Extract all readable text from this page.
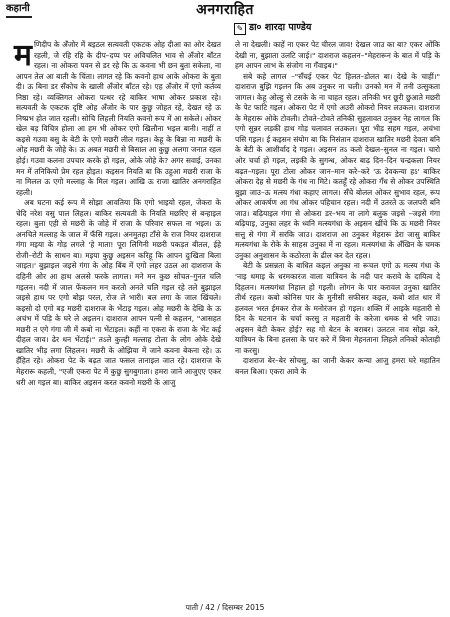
कहानी	अनगराहित
✎ डा० शारदा पाण्डेय

मणिदीप के अँजोर में बइठल सत्यवती एकटक ओह दीआ का ओर देखत रहली, जे रहि रहि के दीप–दप्प पर अविचलित भाव से अँजोर बाँटत रहल। ना ओकरा पवन से डर रहे कि ऊ कवना भी छन बुता सकेला, ना आपन तेल आ बाती के चिंता। लागत रहे कि कवनो हाथ आके ओकरा के बुता दी। ऊ बिना डर सँकोच के खाली अँजोर बाँटत रहे। एह अँजोर में एगो कर्तव्य निष्ठा रहे। व्यक्तिगत ओकरा पत्थर रहे बाकिर भाषा ओकर प्रकाश रहे। सत्यवती के एकटक दृष्टि ओह अँजोर के पार कुछु जोहत रहे, देखत रहे ऊ निष्प्रभ होत जात रहली। सोचि लिहली नियति कवनो रूप में आ सकेले। ओकर खेल बड़ विचित्र होला आ हम भी ओकर एगो खिलौना भइल बानी। नाहीं त कइसे गउवा बसु के बेटी के एगो मछरी लील गइल। केहू के बिन्ना ना मछरी के ओह मछरी के जोहे के। ऊ अबत मछरी से बिसाल आ कुछु अलगा जनात रहल होई। गउवा कलना उपचार करके हो गइल, ओके जोहे के? अगर सवाई, उनका मन में तनिकियो प्रेम रहत होइत। कइसन नियति बा कि उहुआ मछरी राजा के ना मिलल ऊ एगो मल्लाह के मिल गइल। आखि ऊ राजा खातिर अनगराहित रहली।

अब घटना कई रूप में सोझा आवतिया कि एगो भाइयो रहल, जेकरा के चेदि नरेश वसु पाल लिहल। बाकिर सत्यवती के नियति मछरिए से बन्हाइल रहल। बुला एही से मछरी के जोहे में राजा के परिवार सफल ना भइल। ऊ अनचिते मल्लाह के जाल में फँसि गइल। अनमुतहा टाँसे के राज नियर दाशराज गंगा मइया के गोड़ लगले 'हे माता! पूरा लिगिनी मछरी पकड़त बीतल, ईहे रोजी–रोटी के साधन बा। मइया कुछु अइसन करिहू कि आपन दुःखिता बिला जाइत।' बुझाइल जइसे गंगा के ओह बिंब में एगो लहर उठल आ दाशराज के दहिनी ओर आ हाथ अलसे फरके लागल। मने मन कुछ सोचत–गुनत चलि गइलन। नदी में जाल फेंकलन मन करतो अनते चलि गइल रहे तले बुझाइल जइसे हाथ पर एगो बोझ परल, रोज ले भारी। बल लगा के जाल खिंचले। कइसो दो एगो बड़ मछरी दाशराज के भेंटाइ गइल। ओह मछरी के देखि के ऊ अचंभ में पड़ि के घरे ले अइलन। दाशराज आपन पत्नी से कहलन, "आसहत मछरी त एगे गंगा जी में कबो ना भेंटाइल। कहीं ना एकरा के राजा के भेंट कई दीहल जाव। ढेर धन भेंटाई।" तऽले कुल्ही मल्लाह टोला के लोग ओके देखे खातिर भीड़ लगा लिहलन। मछरी के ओझिया में जाने कवना बेकना रहे। ऊ हँहित रहे। ओकरा पेट के बढ़त जात फसल तानाइल जात रहे। दाशराज के मेहरारू कहली, "एजी एकरा पेट में कुछु सुगबुगाता। हमरा जाने आजुएए एकर धरी आ गइल बा। बाकिर अइसन करत कवनो मछरी के आजु

ले ना देखली। काहें ना एकर पेट चीरल जाव! देखल जाउ का बा? एकर ओंकि देखी ना, बुझाता उलटि जाई।" दाशराज कहलन–"मेहरारून के बात में पड़ि के हम आपन लाभ के संजोग ना गँवाइब।"

सबे कहे लागल –"सँचई एकर पेट हिलत–डोलत बा। देखे के चाहीं।" दाशराज बुझि गइलन कि अब उनुकर ना चली। उनको मन में तनी उत्सुकता जागल। केहू ओल्हु से टसके के ना चाहत रहल। तनिकी भर छूरी छुआते मछरी के पेट फाटि गइल। ओकरा पेट में एगो अउरी ओकरो नियर लउकल। दाशराज के मेहरारू ओके टोवली। टोवते–टोवते तनिकी सुहलावत उनुकर नेह लागल कि एगो सुन्नर लड़की हाथ गोड़ चलावत लउकल। पूरा भीड़ सहम गइल, अचंभा पसि गइल। ई कइसन संयोग बा कि निसंतान दाशराज खातिर मछरी देवता बनि के बेटी के आशीर्वाद दे गइल। अइसन तऽ कतो देखल–सुनल ना गइल। चारो ओर चर्चा हो गइल, लइकी के सुगन्ध, ओकर बाढ़ दिन–दिन चन्द्रकला नियर बढ़त–गइल। पूरा टोला ओकर जान–मान करे–करे 'ऊ देवकन्या हऽ' बाकिर ओकरा देह से मछरी के गंध ना मिटे। कतहूँ रहे ओकरा गँध से ओकर उपस्थिति बुझा जाउ–ऊ मत्स्य गंधा कहाए लागल। सँचे बोलल ओकर सुभाव रहल, रूप ओकर आकर्षण आ गंध ओकर पहिचान रहल। नदी में उतरते ऊ जलपरी बनि जाउ। बढ़ियाइल गंगा से ओकरा डर–भय ना लागे बलुक जइसे –जइसे गंगा बढ़ियाइ, उनुका लहर के ध्वनि मत्स्यगंधा के अइसन खींचे कि ऊ मछरी नियर सत्तु से गंगा में सरकि जाउ। दाशराज आ उनुकर मेहरारू डेरा जासु बाकिर मत्स्यगंधा के रोके के साहस उनुका में ना रहल। मत्स्यगंधा के अँखिन के चमक उनुका अनुशासन के कठोरता के ढील कर देत रहल।

बेटी के प्रसन्नता के बाधित कइल अनुका ना रूचल एगो ऊ मत्स्य गंधा के 'नाइ थमाइ के धरमकारज वाला यात्रियन के नदी पार करावे के दायित्व दे दिहलन। मत्स्यगंधा निहाल हो गइली। लोगन के पार करावल उनुका खातिर तीर्थ रहल। कबो कोनिस पार के मुनीसी सफीसर कइल, कबो शांत धार में हलवल भरत ईमकर रोज के मनोरंजन हो गइल। शक्ति में आइके महतारी से दिन के घटनान के चर्चा करसु त महतारी के करेजा धमक से भरि जाउ। अइसन बेटी केकर होई? सह गो बेटन के बराबर। उलटल नाव सोझ करे, यात्रियन के बिना हलसा के पार करे में बिना मेहनताना लिहले तनिको कोताही ना करसु।

दाशराज बेर–बेर सोचसु, का जानी केकर कन्या आजु हमरा घरे महातिन बनल बिआ। एकरा आवे के

पाती / 42 / दिसम्बर 2015
